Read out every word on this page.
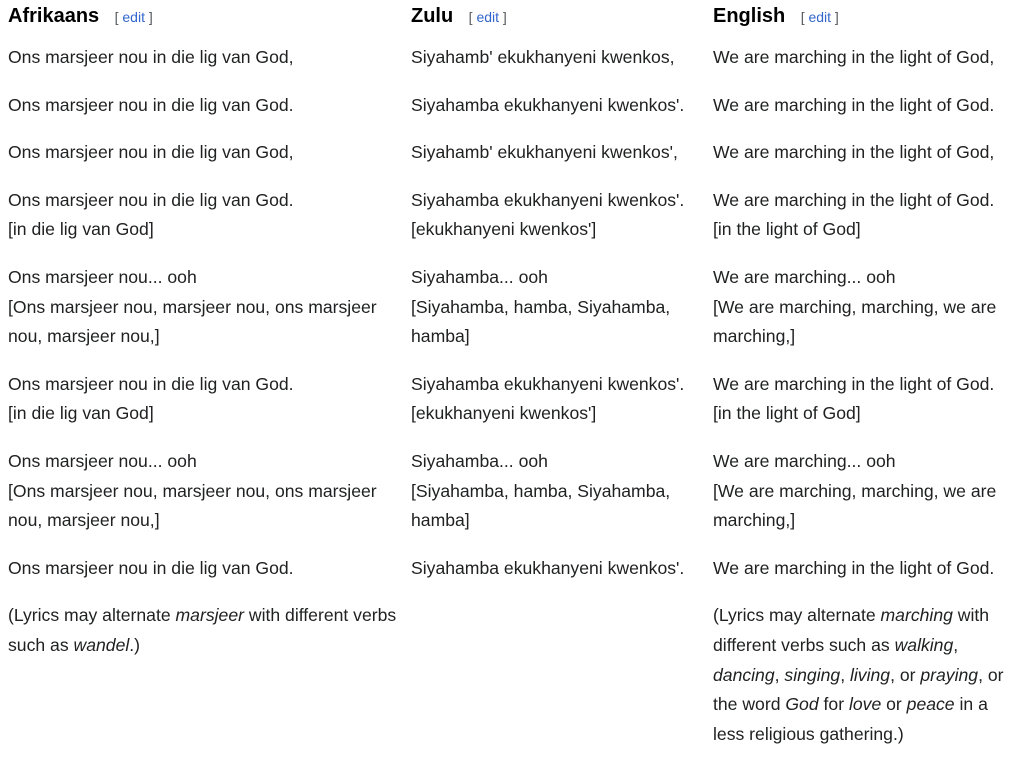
Afrikaans [ edit ]

Ons marsjeer nou in die lig van God,

Ons marsjeer nou in die lig van God.

Ons marsjeer nou in die lig van God,

Ons marsjeer nou in die lig van God.
[in die lig van God]

Ons marsjeer nou... ooh
[Ons marsjeer nou, marsjeer nou, ons marsjeer
nou, marsjeer nou,]

Ons marsjeer nou in die lig van God.
[in die lig van God]

Ons marsjeer nou... ooh
[Ons marsjeer nou, marsjeer nou, ons marsjeer
nou, marsjeer nou,]

Ons marsjeer nou in die lig van God.

(Lyrics may alternate marsjeer with different verbs such as wandel.)

Zulu [ edit ]

Siyahamb' ekukhanyeni kwenkos,

Siyahamba ekukhanyeni kwenkos'.

Siyahamb' ekukhanyeni kwenkos',

Siyahamba ekukhanyeni kwenkos'.
[ekukhanyeni kwenkos']

Siyahamba... ooh
[Siyahamba, hamba, Siyahamba,
hamba]

Siyahamba ekukhanyeni kwenkos'.
[ekukhanyeni kwenkos']

Siyahamba... ooh
[Siyahamba, hamba, Siyahamba,
hamba]

Siyahamba ekukhanyeni kwenkos'.

English [ edit ]

We are marching in the light of God,

We are marching in the light of God.

We are marching in the light of God,

We are marching in the light of God.
[in the light of God]

We are marching... ooh
[We are marching, marching, we are
marching,]

We are marching in the light of God.
[in the light of God]

We are marching... ooh
[We are marching, marching, we are
marching,]

We are marching in the light of God.

(Lyrics may alternate marching with different verbs such as walking, dancing, singing, living, or praying, or the word God for love or peace in a less religious gathering.)
